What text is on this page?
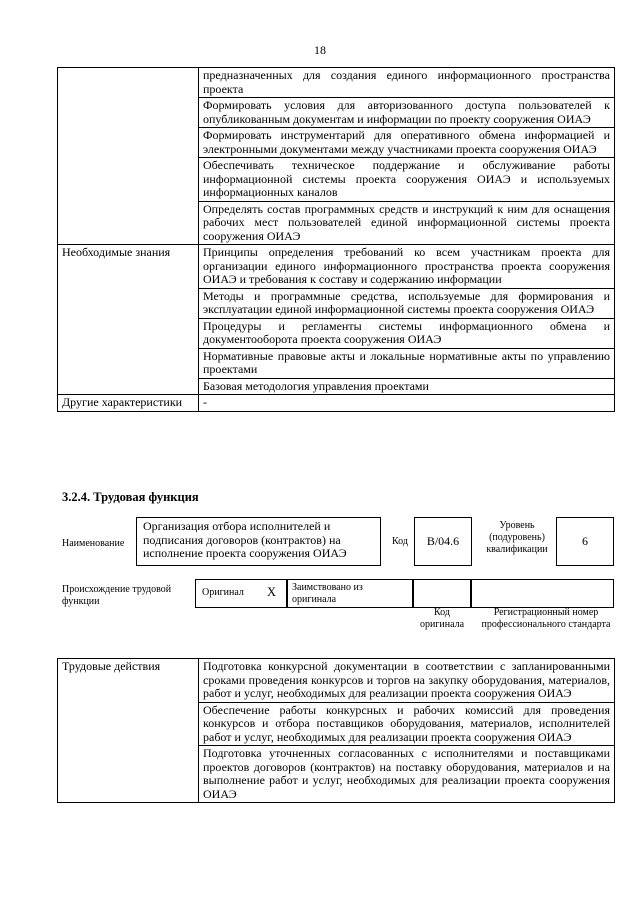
18
	предназначенных для создания единого информационного пространства проекта
	Формировать условия для авторизованного доступа пользователей к опубликованным документам и информации по проекту сооружения ОИАЭ
	Формировать инструментарий для оперативного обмена информацией и электронными документами между участниками проекта сооружения ОИАЭ
	Обеспечивать техническое поддержание и обслуживание работы информационной системы проекта сооружения ОИАЭ и используемых информационных каналов
	Определять состав программных средств и инструкций к ним для оснащения рабочих мест пользователей единой информационной системы проекта сооружения ОИАЭ
Необходимые знания	Принципы определения требований ко всем участникам проекта для организации единого информационного пространства проекта сооружения ОИАЭ и требования к составу и содержанию информации
	Методы и программные средства, используемые для формирования и эксплуатации единой информационной системы проекта сооружения ОИАЭ
	Процедуры и регламенты системы информационного обмена и документооборота проекта сооружения ОИАЭ
	Нормативные правовые акты и локальные нормативные акты по управлению проектами
	Базовая методология управления проектами
Другие характеристики	-
3.2.4. Трудовая функция
Наименование
Организация отбора исполнителей и подписания договоров (контрактов) на исполнение проекта сооружения ОИАЭ
Код B/04.6
Уровень (подуровень) квалификации
6
Происхождение трудовой функции
Оригинал X	Заимствовано из оригинала
Код оригинала
Регистрационный номер профессионального стандарта
Трудовые действия	Подготовка конкурсной документации в соответствии с запланированными сроками проведения конкурсов и торгов на закупку оборудования, материалов, работ и услуг, необходимых для реализации проекта сооружения ОИАЭ
Обеспечение работы конкурсных и рабочих комиссий для проведения конкурсов и отбора поставщиков оборудования, материалов, исполнителей работ и услуг, необходимых для реализации проекта сооружения ОИАЭ
Подготовка уточненных согласованных с исполнителями и поставщиками проектов договоров (контрактов) на поставку оборудования, материалов и на выполнение работ и услуг, необходимых для реализации проекта сооружения ОИАЭ
